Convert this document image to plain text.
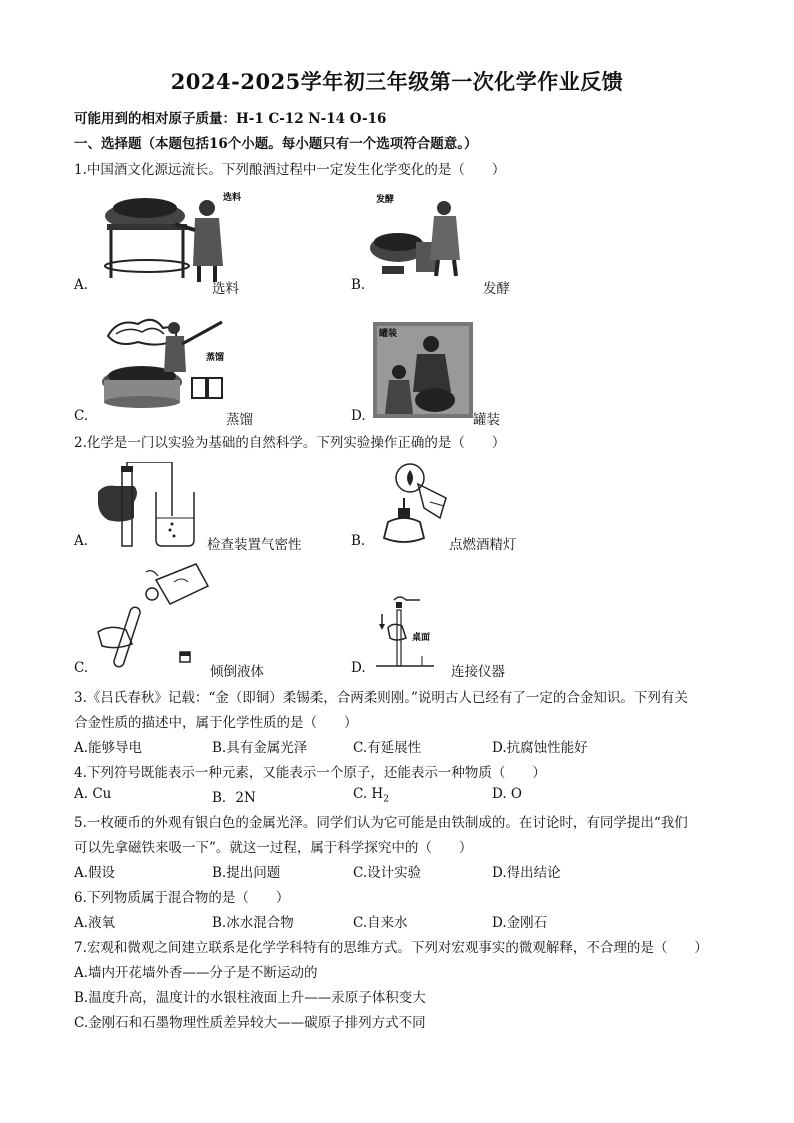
2024-2025学年初三年级第一次化学作业反馈
可能用到的相对原子质量：H-1 C-12 N-14 O-16
一、选择题（本题包括16个小题。每小题只有一个选项符合题意。）
1.中国酒文化源远流长。下列酿酒过程中一定发生化学变化的是（　　）
选料
A.	选料
发酵
B.	发酵
蒸馏
C.	蒸馏
罐装
D.	罐装
2.化学是一门以实验为基础的自然科学。下列实验操作正确的是（　　）
A.	检查装置气密性	B.	点燃酒精灯
C.	倾倒液体
桌面
D.	连接仪器
3.《吕氏春秋》记载：“金（即铜）柔锡柔，合两柔则刚。”说明古人已经有了一定的合金知识。下列有关
合金性质的描述中，属于化学性质的是（　　）
A.能够导电	B.具有金属光泽	C.有延展性	D.抗腐蚀性能好
4.下列符号既能表示一种元素，又能表示一个原子，还能表示一种物质（　　）
A. Cu	B．2N	C. $H_2$	D. O
5.一枚硬币的外观有银白色的金属光泽。同学们认为它可能是由铁制成的。在讨论时，有同学提出“我们
可以先拿磁铁来吸一下”。就这一过程，属于科学探究中的（　　）
A.假设	B.提出问题	C.设计实验	D.得出结论
6.下列物质属于混合物的是（　　）
A.液氧	B.冰水混合物	C.自来水	D.金刚石
7.宏观和微观之间建立联系是化学学科特有的思维方式。下列对宏观事实的微观解释，不合理的是（　　）
A.墙内开花墙外香——分子是不断运动的
B.温度升高，温度计的水银柱液面上升——汞原子体积变大
C.金刚石和石墨物理性质差异较大——碳原子排列方式不同
